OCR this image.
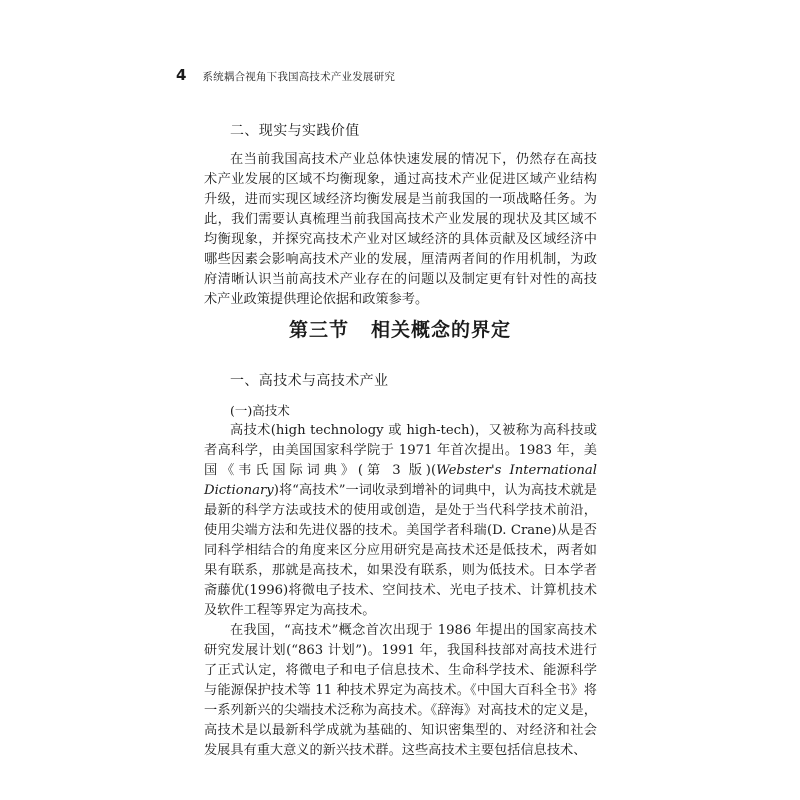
4 系统耦合视角下我国高技术产业发展研究
二、现实与实践价值

在当前我国高技术产业总体快速发展的情况下，仍然存在高技术产业发展的区域不均衡现象，通过高技术产业促进区域产业结构升级，进而实现区域经济均衡发展是当前我国的一项战略任务。为此，我们需要认真梳理当前我国高技术产业发展的现状及其区域不均衡现象，并探究高技术产业对区域经济的具体贡献及区域经济中哪些因素会影响高技术产业的发展，厘清两者间的作用机制，为政府清晰认识当前高技术产业存在的问题以及制定更有针对性的高技术产业政策提供理论依据和政策参考。

第三节 相关概念的界定
一、高技术与高技术产业
(一)高技术

高技术(high technology 或 high-tech)，又被称为高科技或者高科学，由美国国家科学院于 1971 年首次提出。1983 年，美国《韦氏国际词典》(第 3 版)(Webster's International Dictionary)将“高技术”一词收录到增补的词典中，认为高技术就是最新的科学方法或技术的使用或创造，是处于当代科学技术前沿，使用尖端方法和先进仪器的技术。美国学者科瑞(D. Crane)从是否同科学相结合的角度来区分应用研究是高技术还是低技术，两者如果有联系，那就是高技术，如果没有联系，则为低技术。日本学者斋藤优(1996)将微电子技术、空间技术、光电子技术、计算机技术及软件工程等界定为高技术。

在我国，“高技术”概念首次出现于 1986 年提出的国家高技术研究发展计划(“863 计划”)。1991 年，我国科技部对高技术进行了正式认定，将微电子和电子信息技术、生命科学技术、能源科学与能源保护技术等 11 种技术界定为高技术。《中国大百科全书》将一系列新兴的尖端技术泛称为高技术。《辞海》对高技术的定义是，高技术是以最新科学成就为基础的、知识密集型的、对经济和社会发展具有重大意义的新兴技术群。这些高技术主要包括信息技术、
